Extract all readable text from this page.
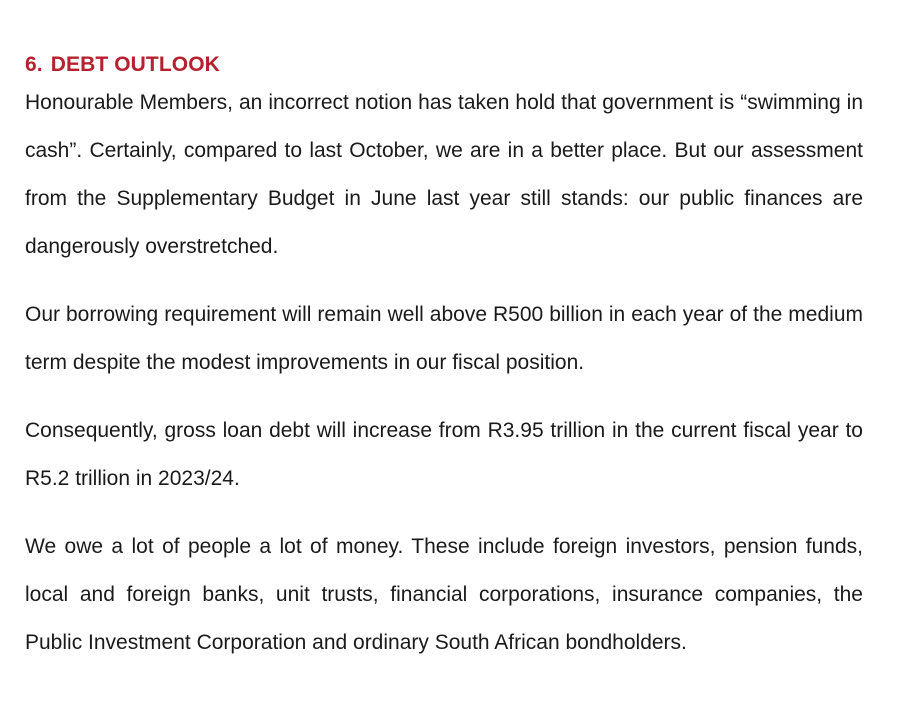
6. DEBT OUTLOOK

Honourable Members, an incorrect notion has taken hold that government is “swimming in cash”. Certainly, compared to last October, we are in a better place. But our assessment from the Supplementary Budget in June last year still stands: our public finances are dangerously overstretched.

Our borrowing requirement will remain well above R500 billion in each year of the medium term despite the modest improvements in our fiscal position.

Consequently, gross loan debt will increase from R3.95 trillion in the current fiscal year to R5.2 trillion in 2023/24.

We owe a lot of people a lot of money. These include foreign investors, pension funds, local and foreign banks, unit trusts, financial corporations, insurance companies, the Public Investment Corporation and ordinary South African bondholders.
